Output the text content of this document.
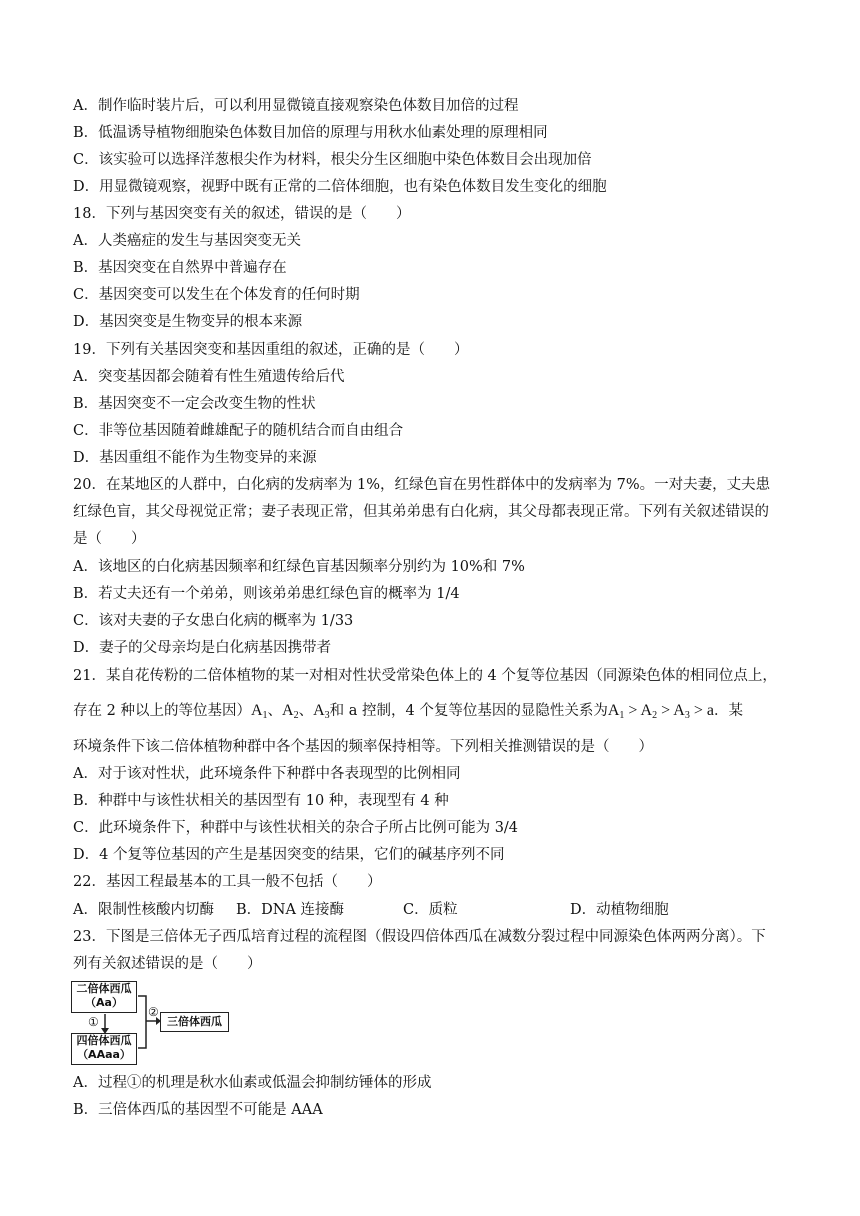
A．制作临时装片后，可以利用显微镜直接观察染色体数目加倍的过程
B．低温诱导植物细胞染色体数目加倍的原理与用秋水仙素处理的原理相同
C．该实验可以选择洋葱根尖作为材料，根尖分生区细胞中染色体数目会出现加倍
D．用显微镜观察，视野中既有正常的二倍体细胞，也有染色体数目发生变化的细胞
18．下列与基因突变有关的叙述，错误的是（　　）
A．人类癌症的发生与基因突变无关
B．基因突变在自然界中普遍存在
C．基因突变可以发生在个体发育的任何时期
D．基因突变是生物变异的根本来源
19．下列有关基因突变和基因重组的叙述，正确的是（　　）
A．突变基因都会随着有性生殖遗传给后代
B．基因突变不一定会改变生物的性状
C．非等位基因随着雌雄配子的随机结合而自由组合
D．基因重组不能作为生物变异的来源
20．在某地区的人群中，白化病的发病率为 1%，红绿色盲在男性群体中的发病率为 7%。一对夫妻，丈夫患
红绿色盲，其父母视觉正常；妻子表现正常，但其弟弟患有白化病，其父母都表现正常。下列有关叙述错误的
是（　　）
A．该地区的白化病基因频率和红绿色盲基因频率分别约为 10%和 7%
B．若丈夫还有一个弟弟，则该弟弟患红绿色盲的概率为 1/4
C．该对夫妻的子女患白化病的概率为 1/33
D．妻子的父母亲均是白化病基因携带者
21．某自花传粉的二倍体植物的某一对相对性状受常染色体上的 4 个复等位基因（同源染色体的相同位点上，
存在 2 种以上的等位基因）$A_1$、$A_2$、$A_3$和 a 控制，4 个复等位基因的显隐性关系为$A_1 > A_2 > A_3 > a$．某
环境条件下该二倍体植物种群中各个基因的频率保持相等。下列相关推测错误的是（　　）
A．对于该对性状，此环境条件下种群中各表现型的比例相同
B．种群中与该性状相关的基因型有 10 种，表现型有 4 种
C．此环境条件下，种群中与该性状相关的杂合子所占比例可能为 3/4
D．4 个复等位基因的产生是基因突变的结果，它们的碱基序列不同
22．基因工程最基本的工具一般不包括（　　）
A．限制性核酸内切酶 B．DNA 连接酶	C．质粒	D．动植物细胞
23．下图是三倍体无子西瓜培育过程的流程图（假设四倍体西瓜在减数分裂过程中同源染色体两两分离）。下
列有关叙述错误的是（　　）
二倍体西瓜
（Aa）
四倍体西瓜
（AAaa）
三倍体西瓜
①
②
A．过程①的机理是秋水仙素或低温会抑制纺锤体的形成
B．三倍体西瓜的基因型不可能是 AAA
